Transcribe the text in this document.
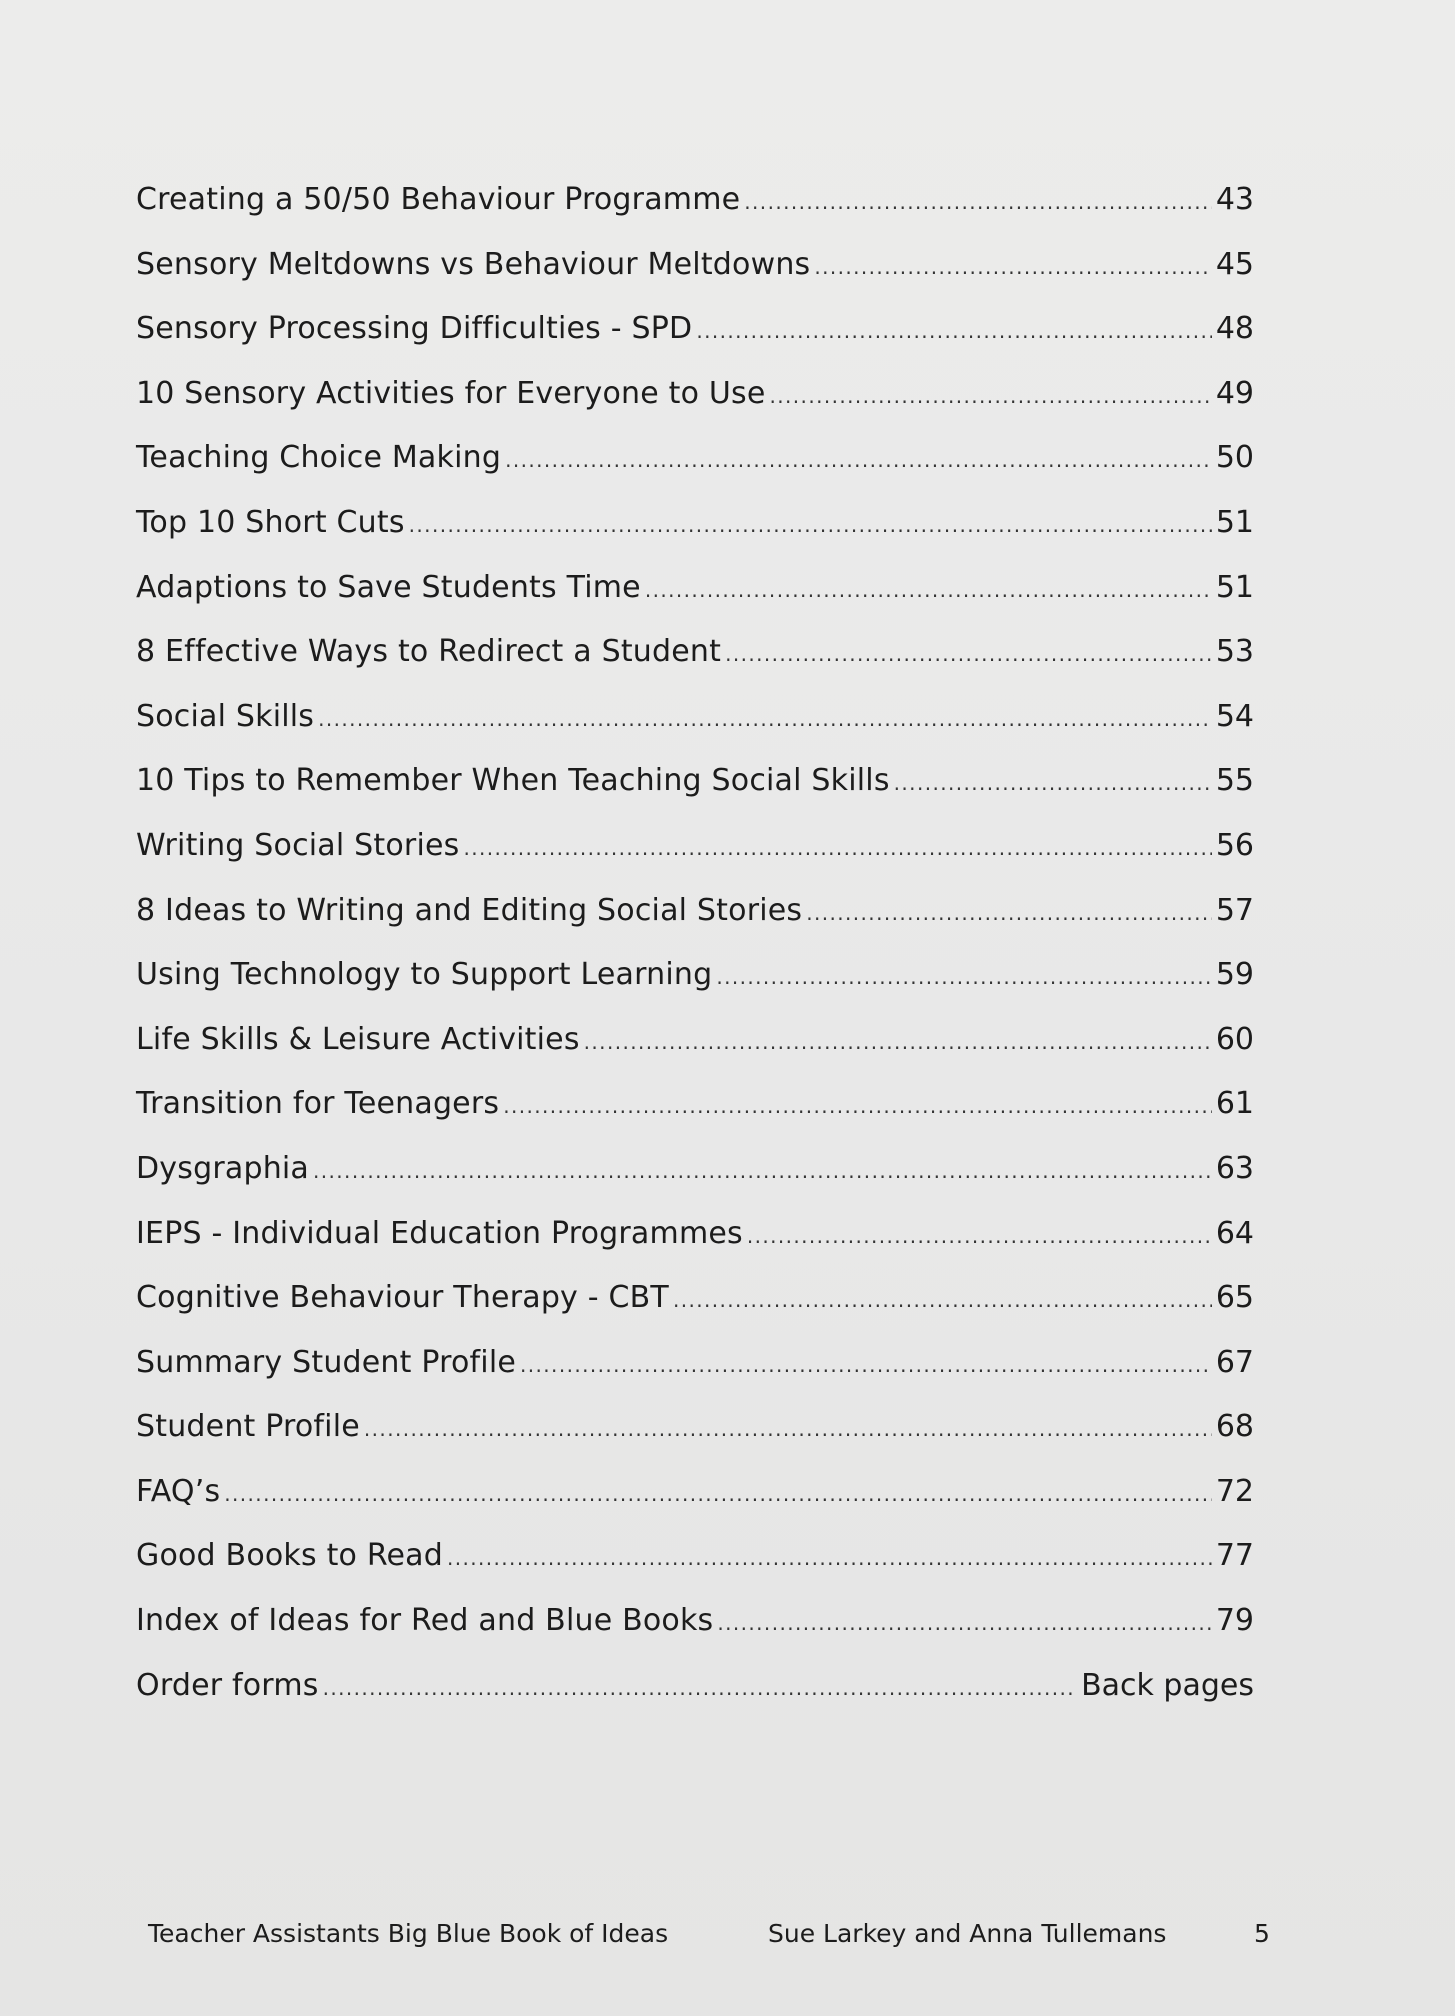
Creating a 50/50 Behaviour Programme .....	43
Sensory Meltdowns vs Behaviour Meltdowns .....	45
Sensory Processing Difficulties - SPD .....	48
10 Sensory Activities for Everyone to Use .....	49
Teaching Choice Making .....	50
Top 10 Short Cuts .....	51
Adaptions to Save Students Time .....	51
8 Effective Ways to Redirect a Student .....	53
Social Skills .....	54
10 Tips to Remember When Teaching Social Skills .....	55
Writing Social Stories .....	56
8 Ideas to Writing and Editing Social Stories .....	57
Using Technology to Support Learning .....	59
Life Skills & Leisure Activities .....	60
Transition for Teenagers .....	61
Dysgraphia .....	63
IEPS - Individual Education Programmes .....	64
Cognitive Behaviour Therapy - CBT .....	65
Summary Student Profile .....	67
Student Profile .....	68
FAQ’s .....	72
Good Books to Read .....	77
Index of Ideas for Red and Blue Books .....	79
Order forms .....	Back pages
Teacher Assistants Big Blue Book of Ideas	Sue Larkey and Anna Tullemans	5
